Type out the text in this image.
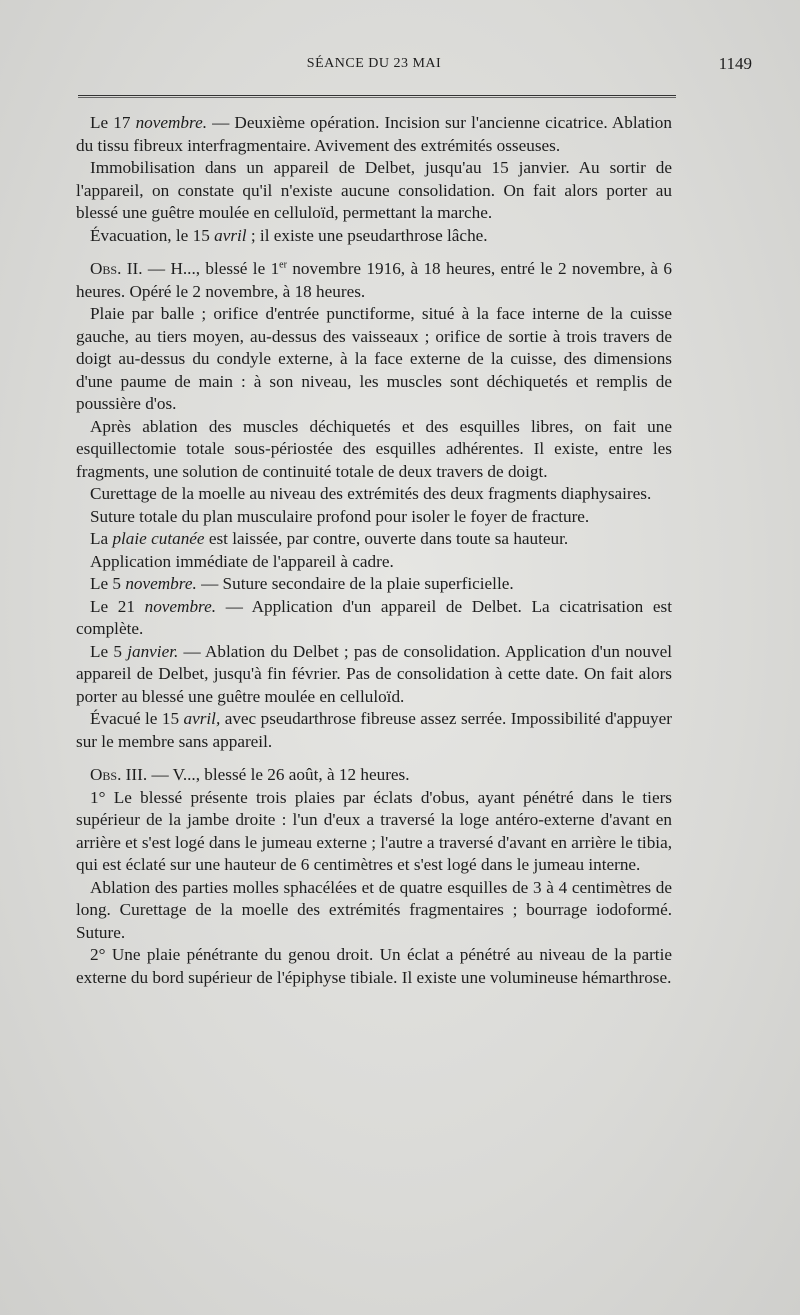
SÉANCE DU 23 MAI	1149

Le 17 novembre. — Deuxième opération. Incision sur l'ancienne cicatrice. Ablation du tissu fibreux interfragmentaire. Avivement des extrémités osseuses.

Immobilisation dans un appareil de Delbet, jusqu'au 15 janvier. Au sortir de l'appareil, on constate qu'il n'existe aucune consolidation. On fait alors porter au blessé une guêtre moulée en celluloïd, permettant la marche.

Évacuation, le 15 avril ; il existe une pseudarthrose lâche.

Obs. II. — H..., blessé le 1er novembre 1916, à 18 heures, entré le 2 novembre, à 6 heures. Opéré le 2 novembre, à 18 heures.

Plaie par balle ; orifice d'entrée punctiforme, situé à la face interne de la cuisse gauche, au tiers moyen, au-dessus des vaisseaux ; orifice de sortie à trois travers de doigt au-dessus du condyle externe, à la face externe de la cuisse, des dimensions d'une paume de main : à son niveau, les muscles sont déchiquetés et remplis de poussière d'os.

Après ablation des muscles déchiquetés et des esquilles libres, on fait une esquillectomie totale sous-périostée des esquilles adhérentes. Il existe, entre les fragments, une solution de continuité totale de deux travers de doigt.

Curettage de la moelle au niveau des extrémités des deux fragments diaphysaires.

Suture totale du plan musculaire profond pour isoler le foyer de fracture.

La plaie cutanée est laissée, par contre, ouverte dans toute sa hauteur.

Application immédiate de l'appareil à cadre.

Le 5 novembre. — Suture secondaire de la plaie superficielle.

Le 21 novembre. — Application d'un appareil de Delbet. La cicatrisation est complète.

Le 5 janvier. — Ablation du Delbet ; pas de consolidation. Application d'un nouvel appareil de Delbet, jusqu'à fin février. Pas de consolidation à cette date. On fait alors porter au blessé une guêtre moulée en celluloïd.

Évacué le 15 avril, avec pseudarthrose fibreuse assez serrée. Impossibilité d'appuyer sur le membre sans appareil.

Obs. III. — V..., blessé le 26 août, à 12 heures.

1° Le blessé présente trois plaies par éclats d'obus, ayant pénétré dans le tiers supérieur de la jambe droite : l'un d'eux a traversé la loge antéro-externe d'avant en arrière et s'est logé dans le jumeau externe ; l'autre a traversé d'avant en arrière le tibia, qui est éclaté sur une hauteur de 6 centimètres et s'est logé dans le jumeau interne.

Ablation des parties molles sphacélées et de quatre esquilles de 3 à 4 centimètres de long. Curettage de la moelle des extrémités fragmentaires ; bourrage iodoformé. Suture.

2° Une plaie pénétrante du genou droit. Un éclat a pénétré au niveau de la partie externe du bord supérieur de l'épiphyse tibiale. Il existe une volumineuse hémarthrose.
